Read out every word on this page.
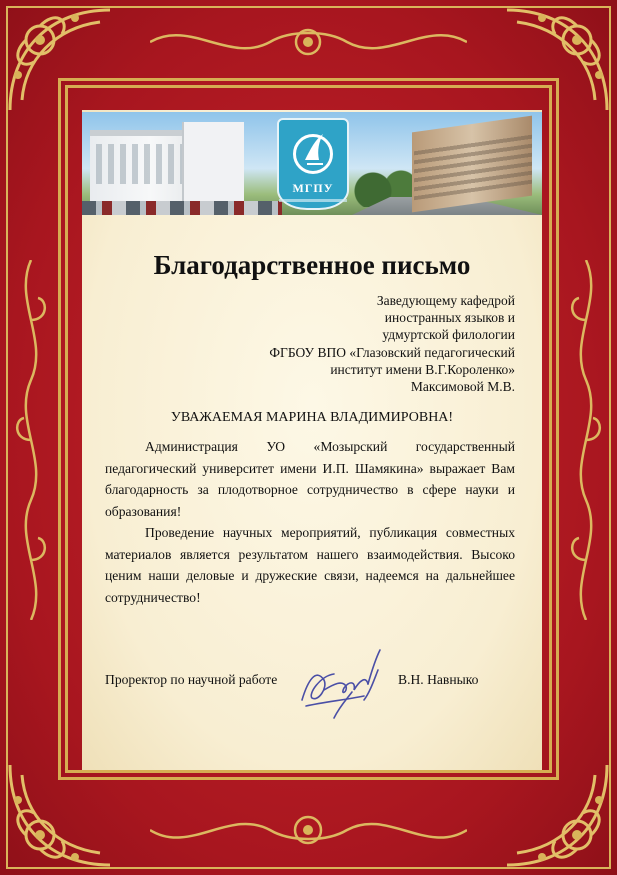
МГПУ
Благодарственное письмо
Заведующему кафедрой
иностранных языков и
удмуртской филологии
ФГБОУ ВПО «Глазовский педагогический
институт имени В.Г.Короленко»
Максимовой М.В.
УВАЖАЕМАЯ МАРИНА ВЛАДИМИРОВНА!

Администрация УО «Мозырский государственный педагогический университет имени И.П. Шамякина» выражает Вам благодарность за плодотворное сотрудничество в сфере науки и образования!

Проведение научных мероприятий, публикация совместных материалов является результатом нашего взаимодействия. Высоко ценим наши деловые и дружеские связи, надеемся на дальнейшее сотрудничество!

Проректор по научной работе	В.Н. Навныко
